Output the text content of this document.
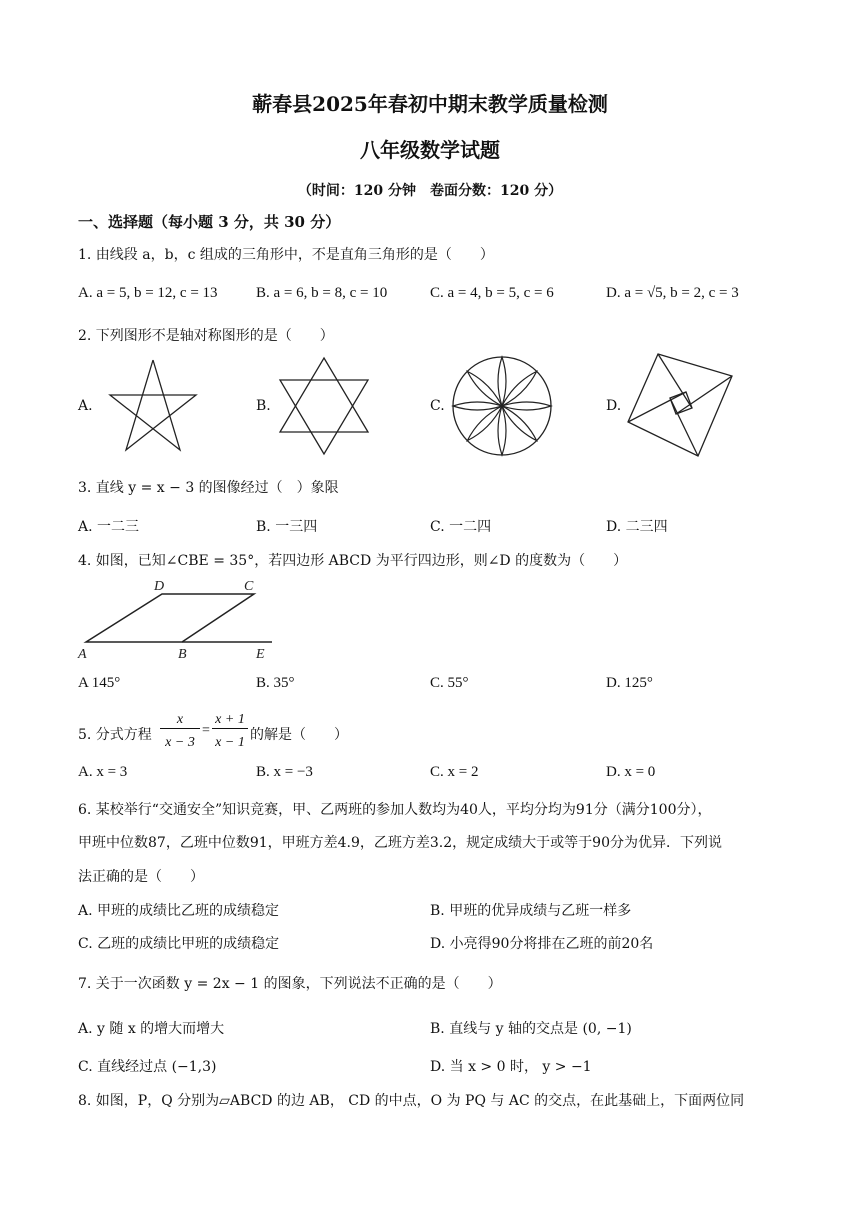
蕲春县2025年春初中期末教学质量检测
八年级数学试题
（时间：120 分钟　卷面分数：120 分）
一、选择题（每小题 3 分，共 30 分）
1. 由线段 a，b，c 组成的三角形中，不是直角三角形的是（　　）
A. a = 5, b = 12, c = 13	B. a = 6, b = 8, c = 10	C. a = 4, b = 5, c = 6	D. a = √5, b = 2, c = 3
2. 下列图形不是轴对称图形的是（　　）
A.	B.	C.	D.
3. 直线 y = x − 3 的图像经过（　）象限
A. 一二三	B. 一三四	C. 一二四	D. 二三四
4. 如图，已知∠CBE = 35°，若四边形 ABCD 为平行四边形，则∠D 的度数为（　　）
A	B	E
D	C
A 145°	B. 35°	C. 55°	D. 125°
5. 分式方程
x
x − 3
=
x + 1
x − 1 的解是（　　）
A. x = 3	B. x = −3	C. x = 2	D. x = 0
6. 某校举行“交通安全”知识竞赛，甲、乙两班的参加人数均为40人，平均分均为91分（满分100分），
甲班中位数87，乙班中位数91，甲班方差4.9，乙班方差3.2，规定成绩大于或等于90分为优异．下列说
法正确的是（　　）
A. 甲班的成绩比乙班的成绩稳定	B. 甲班的优异成绩与乙班一样多
C. 乙班的成绩比甲班的成绩稳定	D. 小亮得90分将排在乙班的前20名
7. 关于一次函数 y = 2x − 1 的图象，下列说法不正确的是（　　）
A. y 随 x 的增大而增大	B. 直线与 y 轴的交点是 (0, −1)
C. 直线经过点 (−1,3)	D. 当 x > 0 时， y > −1
8. 如图，P，Q 分别为▱ABCD 的边 AB， CD 的中点，O 为 PQ 与 AC 的交点，在此基础上，下面两位同
